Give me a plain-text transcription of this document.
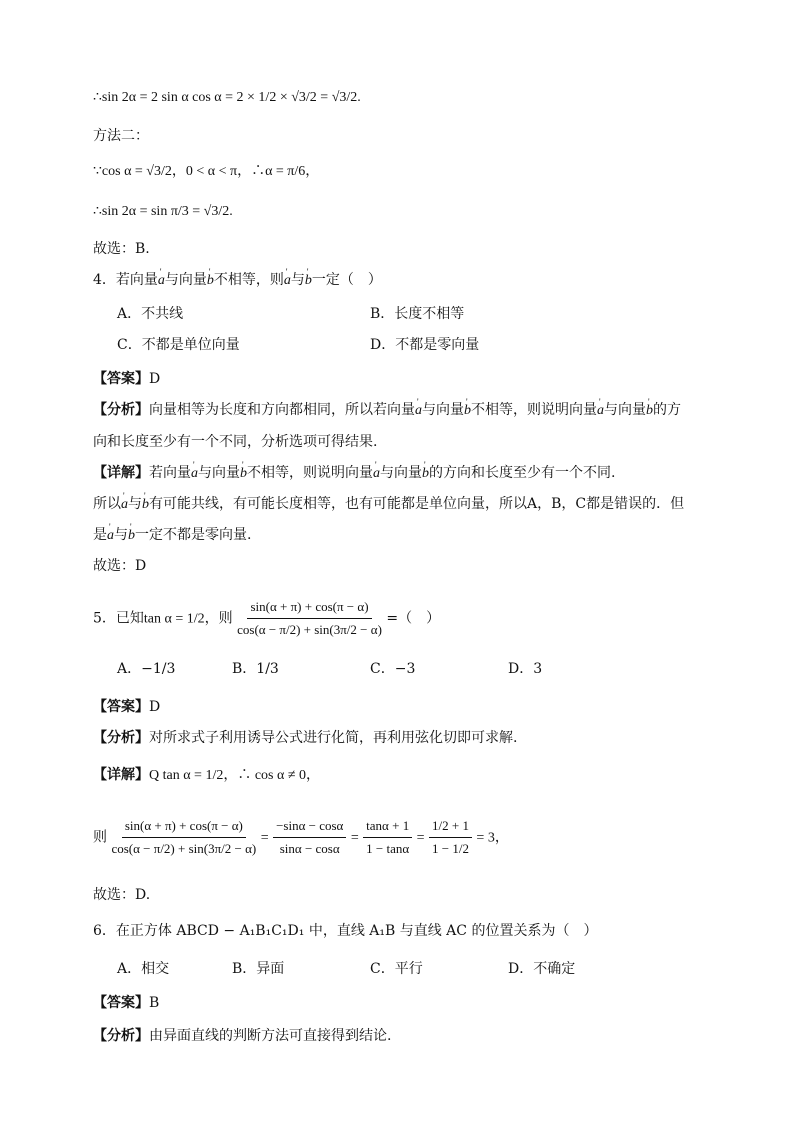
∴sin 2α = 2 sin α cos α = 2 × 1/2 × √3/2 = √3/2.
方法二：
∵cos α = √3/2，0 < α < π，∴α = π/6，
∴sin 2α = sin π/3 = √3/2.
故选：B.
4．若向量' a与向量' b不相等，则' a与' b一定（　）
A．不共线	B．长度不相等
C．不都是单位向量	D．不都是零向量
【答案】D
【分析】向量相等为长度和方向都相同，所以若向量' a与向量' b不相等，则说明向量' a与向量' b的方
向和长度至少有一个不同，分析选项可得结果.
【详解】若向量' a与向量' b不相等，则说明向量' a与向量' b的方向和长度至少有一个不同.
所以' a与' b有可能共线，有可能长度相等，也有可能都是单位向量，所以A，B，C都是错误的．但
是' a与' b一定不都是零向量.
故选：D
5．已知tan α = 1/2，则 $\frac{\sin(\alpha + \pi) + \cos(\pi - \alpha)}{\cos(\alpha - \pi/2) + \sin(3\pi/2 - \alpha)}$ =（　）
A．−1/3	B．1/3	C．−3	D．3
【答案】D
【分析】对所求式子利用诱导公式进行化简，再利用弦化切即可求解.
【详解】Q tan α = 1/2，∴ cos α ≠ 0，
则 $\frac{\sin(\alpha + \pi) + \cos(\pi - \alpha)}{\cos(\alpha - \pi/2) + \sin(3\pi/2 - \alpha)} = \frac{-\sin\alpha - \cos\alpha}{\sin\alpha - \cos\alpha} = \frac{\tan\alpha + 1}{1 - \tan\alpha} = \frac{1/2 + 1}{1 - 1/2} = 3$，
故选：D.
6．在正方体 ABCD − A₁B₁C₁D₁ 中，直线 A₁B 与直线 AC 的位置关系为（　）
A．相交	B．异面	C．平行	D．不确定
【答案】B
【分析】由异面直线的判断方法可直接得到结论.
